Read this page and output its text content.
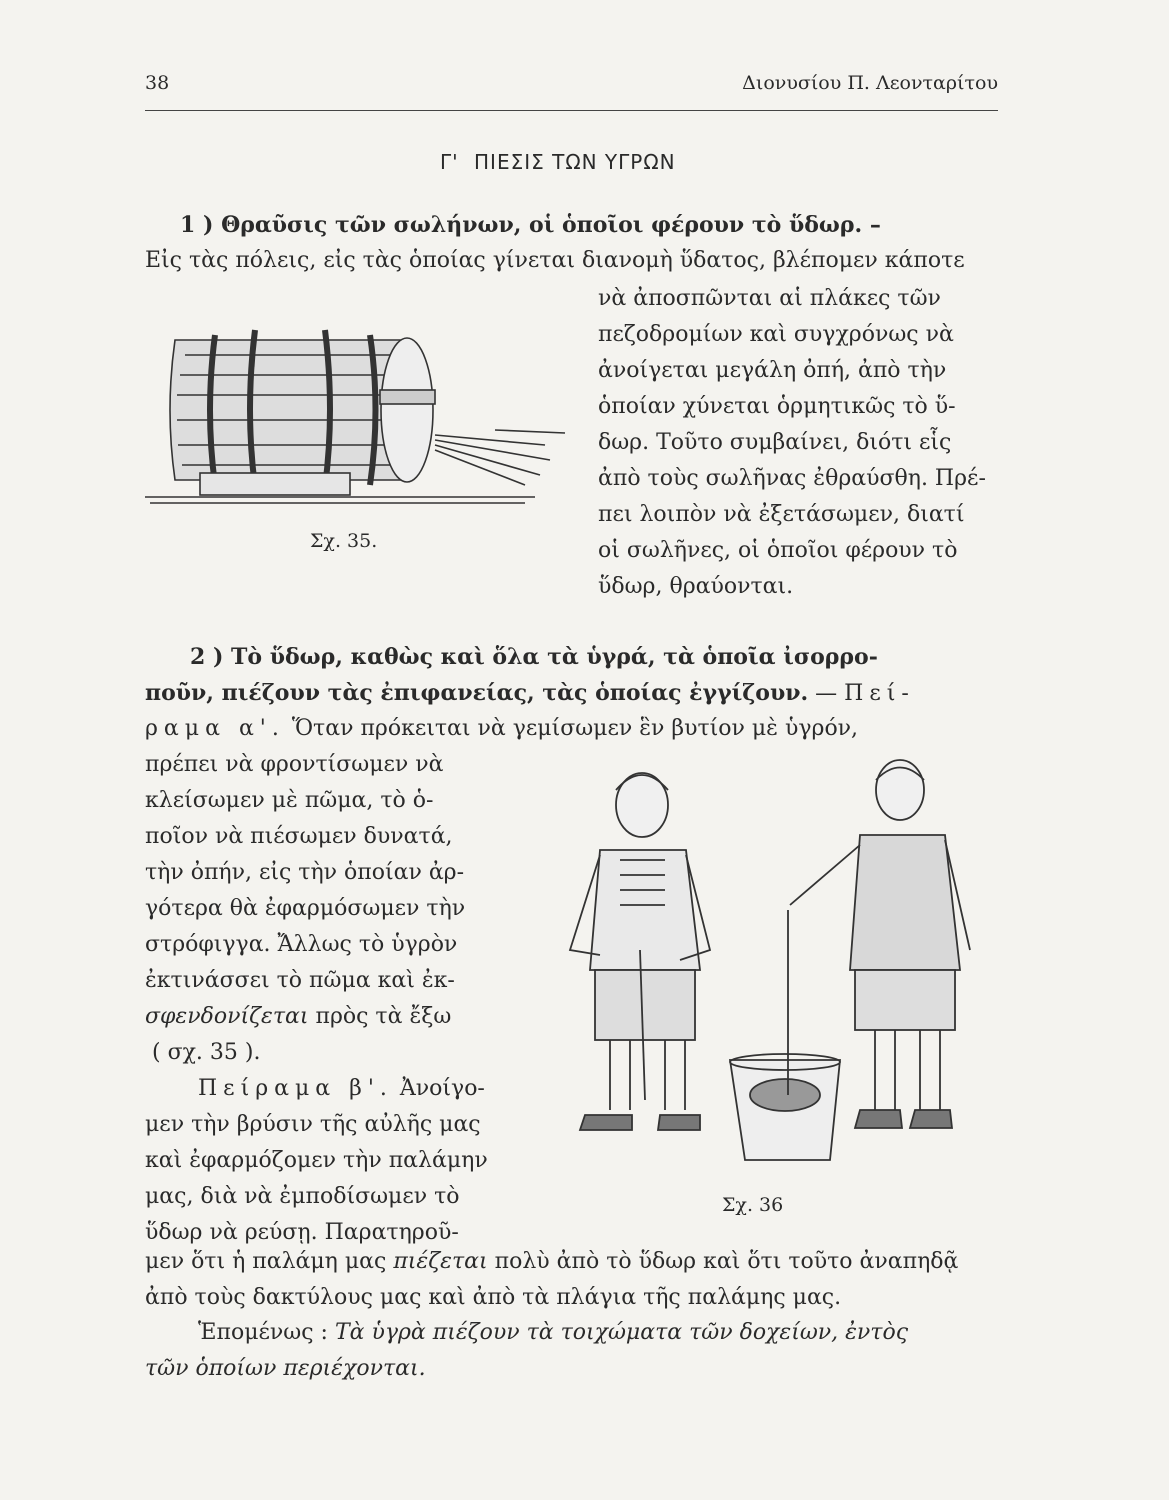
38	Διονυσίου Π. Λεονταρίτου
Γ' ΠΙΕΣΙΣ ΤΩΝ ΥΓΡΩΝ
1 ) Θραῦσις τῶν σωλήνων, οἱ ὁποῖοι φέρουν τὸ ὕδωρ. –
Εἰς τὰς πόλεις, εἰς τὰς ὁποίας γίνεται διανομὴ ὕδατος, βλέπομεν κάποτε
νὰ ἀποσπῶνται αἱ πλάκες τῶν
πεζοδρομίων καὶ συγχρόνως νὰ
ἀνοίγεται μεγάλη ὀπή, ἀπὸ τὴν
ὁποίαν χύνεται ὁρμητικῶς τὸ ὕ-
δωρ. Τοῦτο συμβαίνει, διότι εἷς
ἀπὸ τοὺς σωλῆνας ἐθραύσθη. Πρέ-
πει λοιπὸν νὰ ἐξετάσωμεν, διατί
οἱ σωλῆνες, οἱ ὁποῖοι φέρουν τὸ
ὕδωρ, θραύονται.
Σχ. 35.
2 ) Τὸ ὕδωρ, καθὼς καὶ ὅλα τὰ ὑγρά, τὰ ὁποῖα ἰσορρο-
ποῦν, πιέζουν τὰς ἐπιφανείας, τὰς ὁποίας ἐγγίζουν. — Πεί-
ραμα α'. Ὅταν πρόκειται νὰ γεμίσωμεν ἓν βυτίον μὲ ὑγρόν,
πρέπει νὰ φροντίσωμεν νὰ
κλείσωμεν μὲ πῶμα, τὸ ὁ-
ποῖον νὰ πιέσωμεν δυνατά,
τὴν ὀπήν, εἰς τὴν ὁποίαν ἀρ-
γότερα θὰ ἐφαρμόσωμεν τὴν
στρόφιγγα. Ἄλλως τὸ ὑγρὸν
ἐκτινάσσει τὸ πῶμα καὶ ἐκ-
σφενδονίζεται πρὸς τὰ ἔξω
( σχ. 35 ).
Πείραμα β'. Ἀνοίγο-
μεν τὴν βρύσιν τῆς αὐλῆς μας
καὶ ἐφαρμόζομεν τὴν παλάμην
μας, διὰ νὰ ἐμποδίσωμεν τὸ
ὕδωρ νὰ ρεύσῃ. Παρατηροῦ-
Σχ. 36
μεν ὅτι ἡ παλάμη μας πιέζεται πολὺ ἀπὸ τὸ ὕδωρ καὶ ὅτι τοῦτο ἀναπηδᾷ
ἀπὸ τοὺς δακτύλους μας καὶ ἀπὸ τὰ πλάγια τῆς παλάμης μας.
Ἑπομένως : Τὰ ὑγρὰ πιέζουν τὰ τοιχώματα τῶν δοχείων, ἐντὸς
τῶν ὁποίων περιέχονται.
